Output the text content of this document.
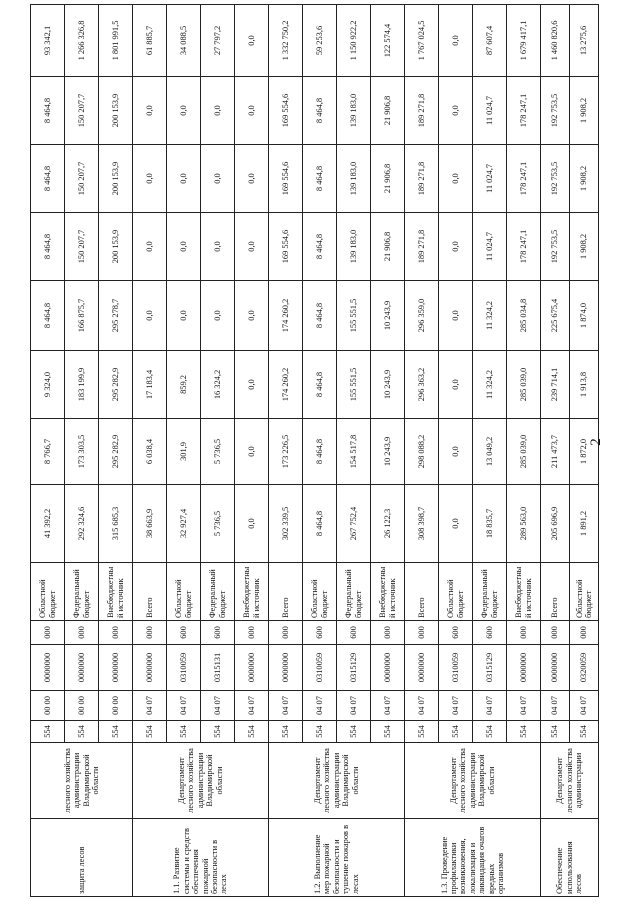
2
защита лесов	лесного хозяйства администрации Владимирской области	554	00 00	0000000	000	Областной бюджет	41 392,2	8 766,7	9 324,0	8 464,8	8 464,8	8 464,8	8 464,8	93 342,1
		554	00 00	0000000	000	Федеральный бюджет	292 324,6	173 303,5	183 199,9	166 875,7	150 207,7	150 207,7	150 207,7	1 266 326,8
		554	00 00	0000000	000	Внебюджетны й источник	315 685,3	295 282,9	295 282,9	295 278,7	200 153,9	200 153,9	200 153,9	1 801 991,5
1.1. Развитие системы и средств обеспечения пожарной безопасности в лесах	Департамент лесного хозяйства администрации Владимирской области	554	04 07	0000000	000	Всего	38 663,9	6 038,4	17 183,4	0,0	0,0	0,0	0,0	61 885,7
		554	04 07	0310059	600	Областной бюджет	32 927,4	301,9	859,2	0,0	0,0	0,0	0,0	34 088,5
		554	04 07	0315131	600	Федеральный бюджет	5 736,5	5 736,5	16 324,2	0,0	0,0	0,0	0,0	27 797,2
		554	04 07	0000000	000	Внебюджетны й источник	0,0	0,0	0,0	0,0	0,0	0,0	0,0	0,0
1.2. Выполнение мер пожарной безопасности и тушение пожаров в лесах	Департамент лесного хозяйства администрации Владимирской области	554	04 07	0000000	000	Всего	302 339,5	173 226,5	174 260,2	174 260,2	169 554,6	169 554,6	169 554,6	1 332 750,2
		554	04 07	0310059	600	Областной бюджет	8 464,8	8 464,8	8 464,8	8 464,8	8 464,8	8 464,8	8 464,8	59 253,6
		554	04 07	0315129	600	Федеральный бюджет	267 752,4	154 517,8	155 551,5	155 551,5	139 183,0	139 183,0	139 183,0	1 150 922,2
		554	04 07	0000000	000	Внебюджетны й источник	26 122,3	10 243,9	10 243,9	10 243,9	21 906,8	21 906,8	21 906,8	122 574,4
1.3. Проведение профилактики возникновения, локализация и ликвидация очагов вредных организмов	Департамент лесного хозяйства администрации Владимирской области	554	04 07	0000000	000	Всего	308 398,7	298 088,2	296 363,2	296 359,0	189 271,8	189 271,8	189 271,8	1 767 024,5
		554	04 07	0310059	600	Областной бюджет	0,0	0,0	0,0	0,0	0,0	0,0	0,0	0,0
		554	04 07	0315129	600	Федеральный бюджет	18 835,7	13 049,2	11 324,2	11 324,2	11 024,7	11 024,7	11 024,7	87 607,4
		554	04 07	0000000	000	Внебюджетны й источник	289 563,0	285 039,0	285 039,0	285 034,8	178 247,1	178 247,1	178 247,1	1 679 417,1
Обеспечение использования лесов	Департамент лесного хозяйства администрации	554	04 07	0000000	000	Всего	205 696,9	211 473,7	239 714,1	225 675,4	192 753,5	192 753,5	192 753,5	1 460 820,6
		554	04 07	0320059	000	Областной бюджет	1 891,2	1 872,0	1 913,8	1 874,0	1 908,2	1 908,2	1 908,2	13 275,6
